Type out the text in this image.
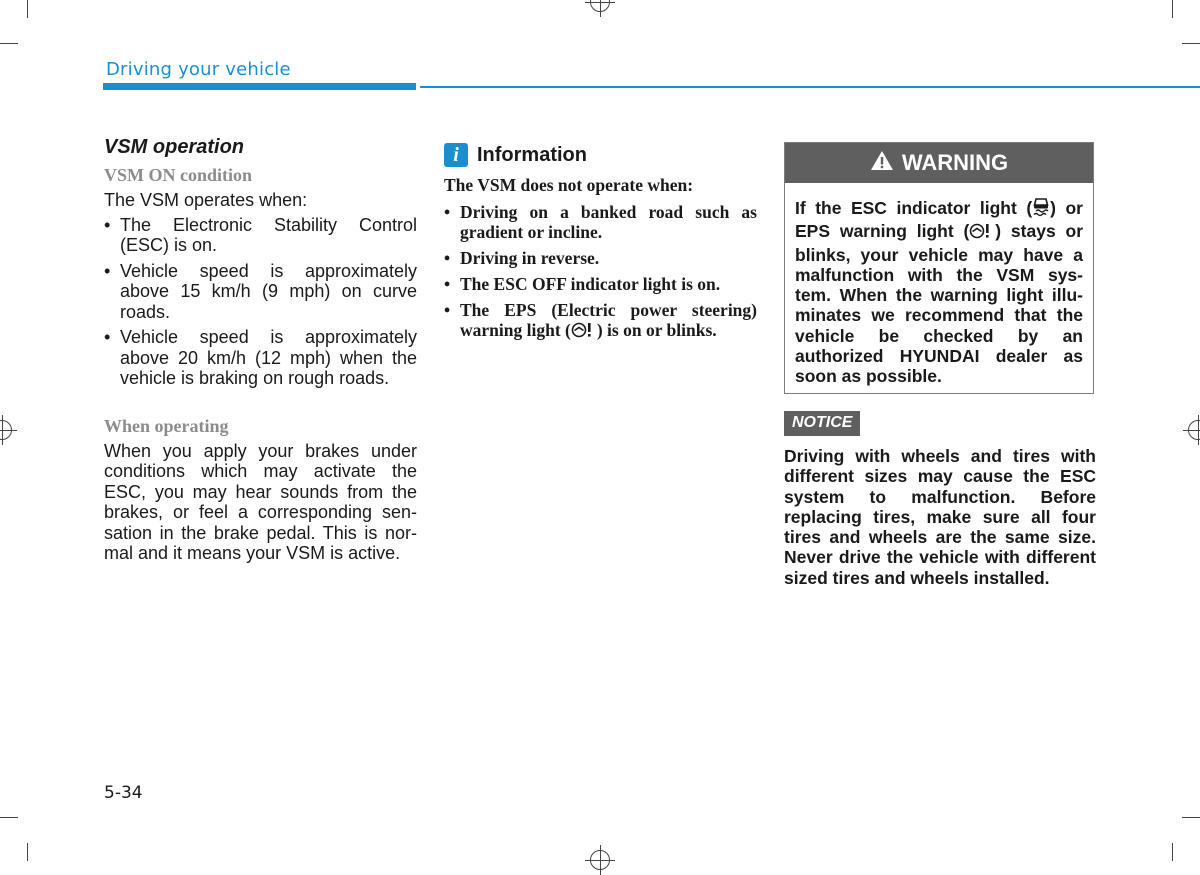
Driving your vehicle
VSM operation
VSM ON condition

The VSM operates when:

• The Electronic Stability Control (ESC) is on.
• Vehicle speed is approximately above 15 km/h (9 mph) on curve roads.
• Vehicle speed is approximately above 20 km/h (12 mph) when the vehicle is braking on rough roads.
When operating

When you apply your brakes under conditions which may activate the ESC, you may hear sounds from the brakes, or feel a corresponding sen-sation in the brake pedal. This is nor-mal and it means your VSM is active.

i Information
The VSM does not operate when:
• Driving on a banked road such as gradient or incline.
• Driving in reverse.
• The ESC OFF indicator light is on.
• The EPS (Electric power steering) warning light ( ) is on or blinks.
WARNING
If the ESC indicator light ( ) or EPS warning light ( ) stays or blinks, your vehicle may have a malfunction with the VSM sys-tem. When the warning light illu-minates we recommend that the vehicle be checked by an authorized HYUNDAI dealer as soon as possible.
NOTICE
Driving with wheels and tires with different sizes may cause the ESC system to malfunction. Before replacing tires, make sure all four tires and wheels are the same size. Never drive the vehicle with different sized tires and wheels installed.
5-34
